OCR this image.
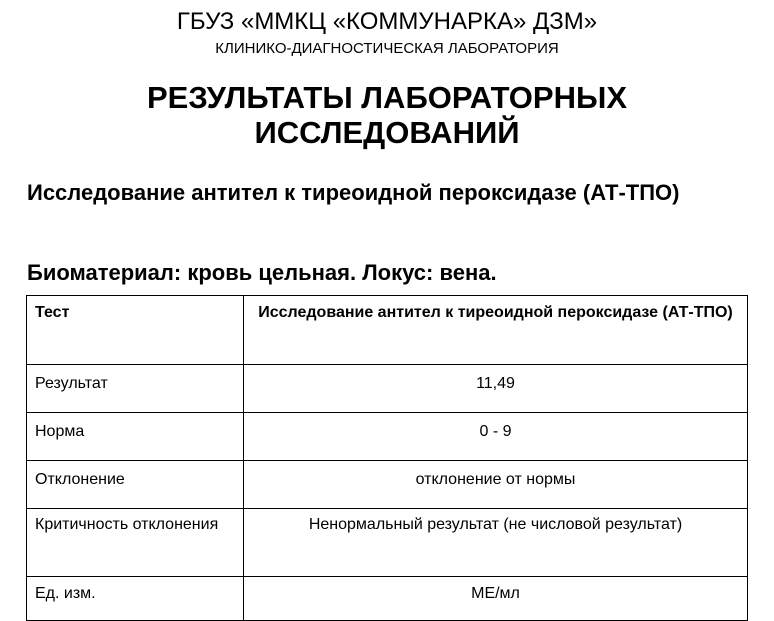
ГБУЗ «ММКЦ «КОММУНАРКА» ДЗМ»
КЛИНИКО-ДИАГНОСТИЧЕСКАЯ ЛАБОРАТОРИЯ
РЕЗУЛЬТАТЫ ЛАБОРАТОРНЫХ ИССЛЕДОВАНИЙ
Исследование антител к тиреоидной пероксидазе (АТ-ТПО)
Биоматериал: кровь цельная. Локус: вена.
Тест	Исследование антител к тиреоидной пероксидазе (АТ-ТПО)
Результат	11,49
Норма	0 - 9
Отклонение	отклонение от нормы
Критичность отклонения	Ненормальный результат (не числовой результат)
Ед. изм.	МЕ/мл
